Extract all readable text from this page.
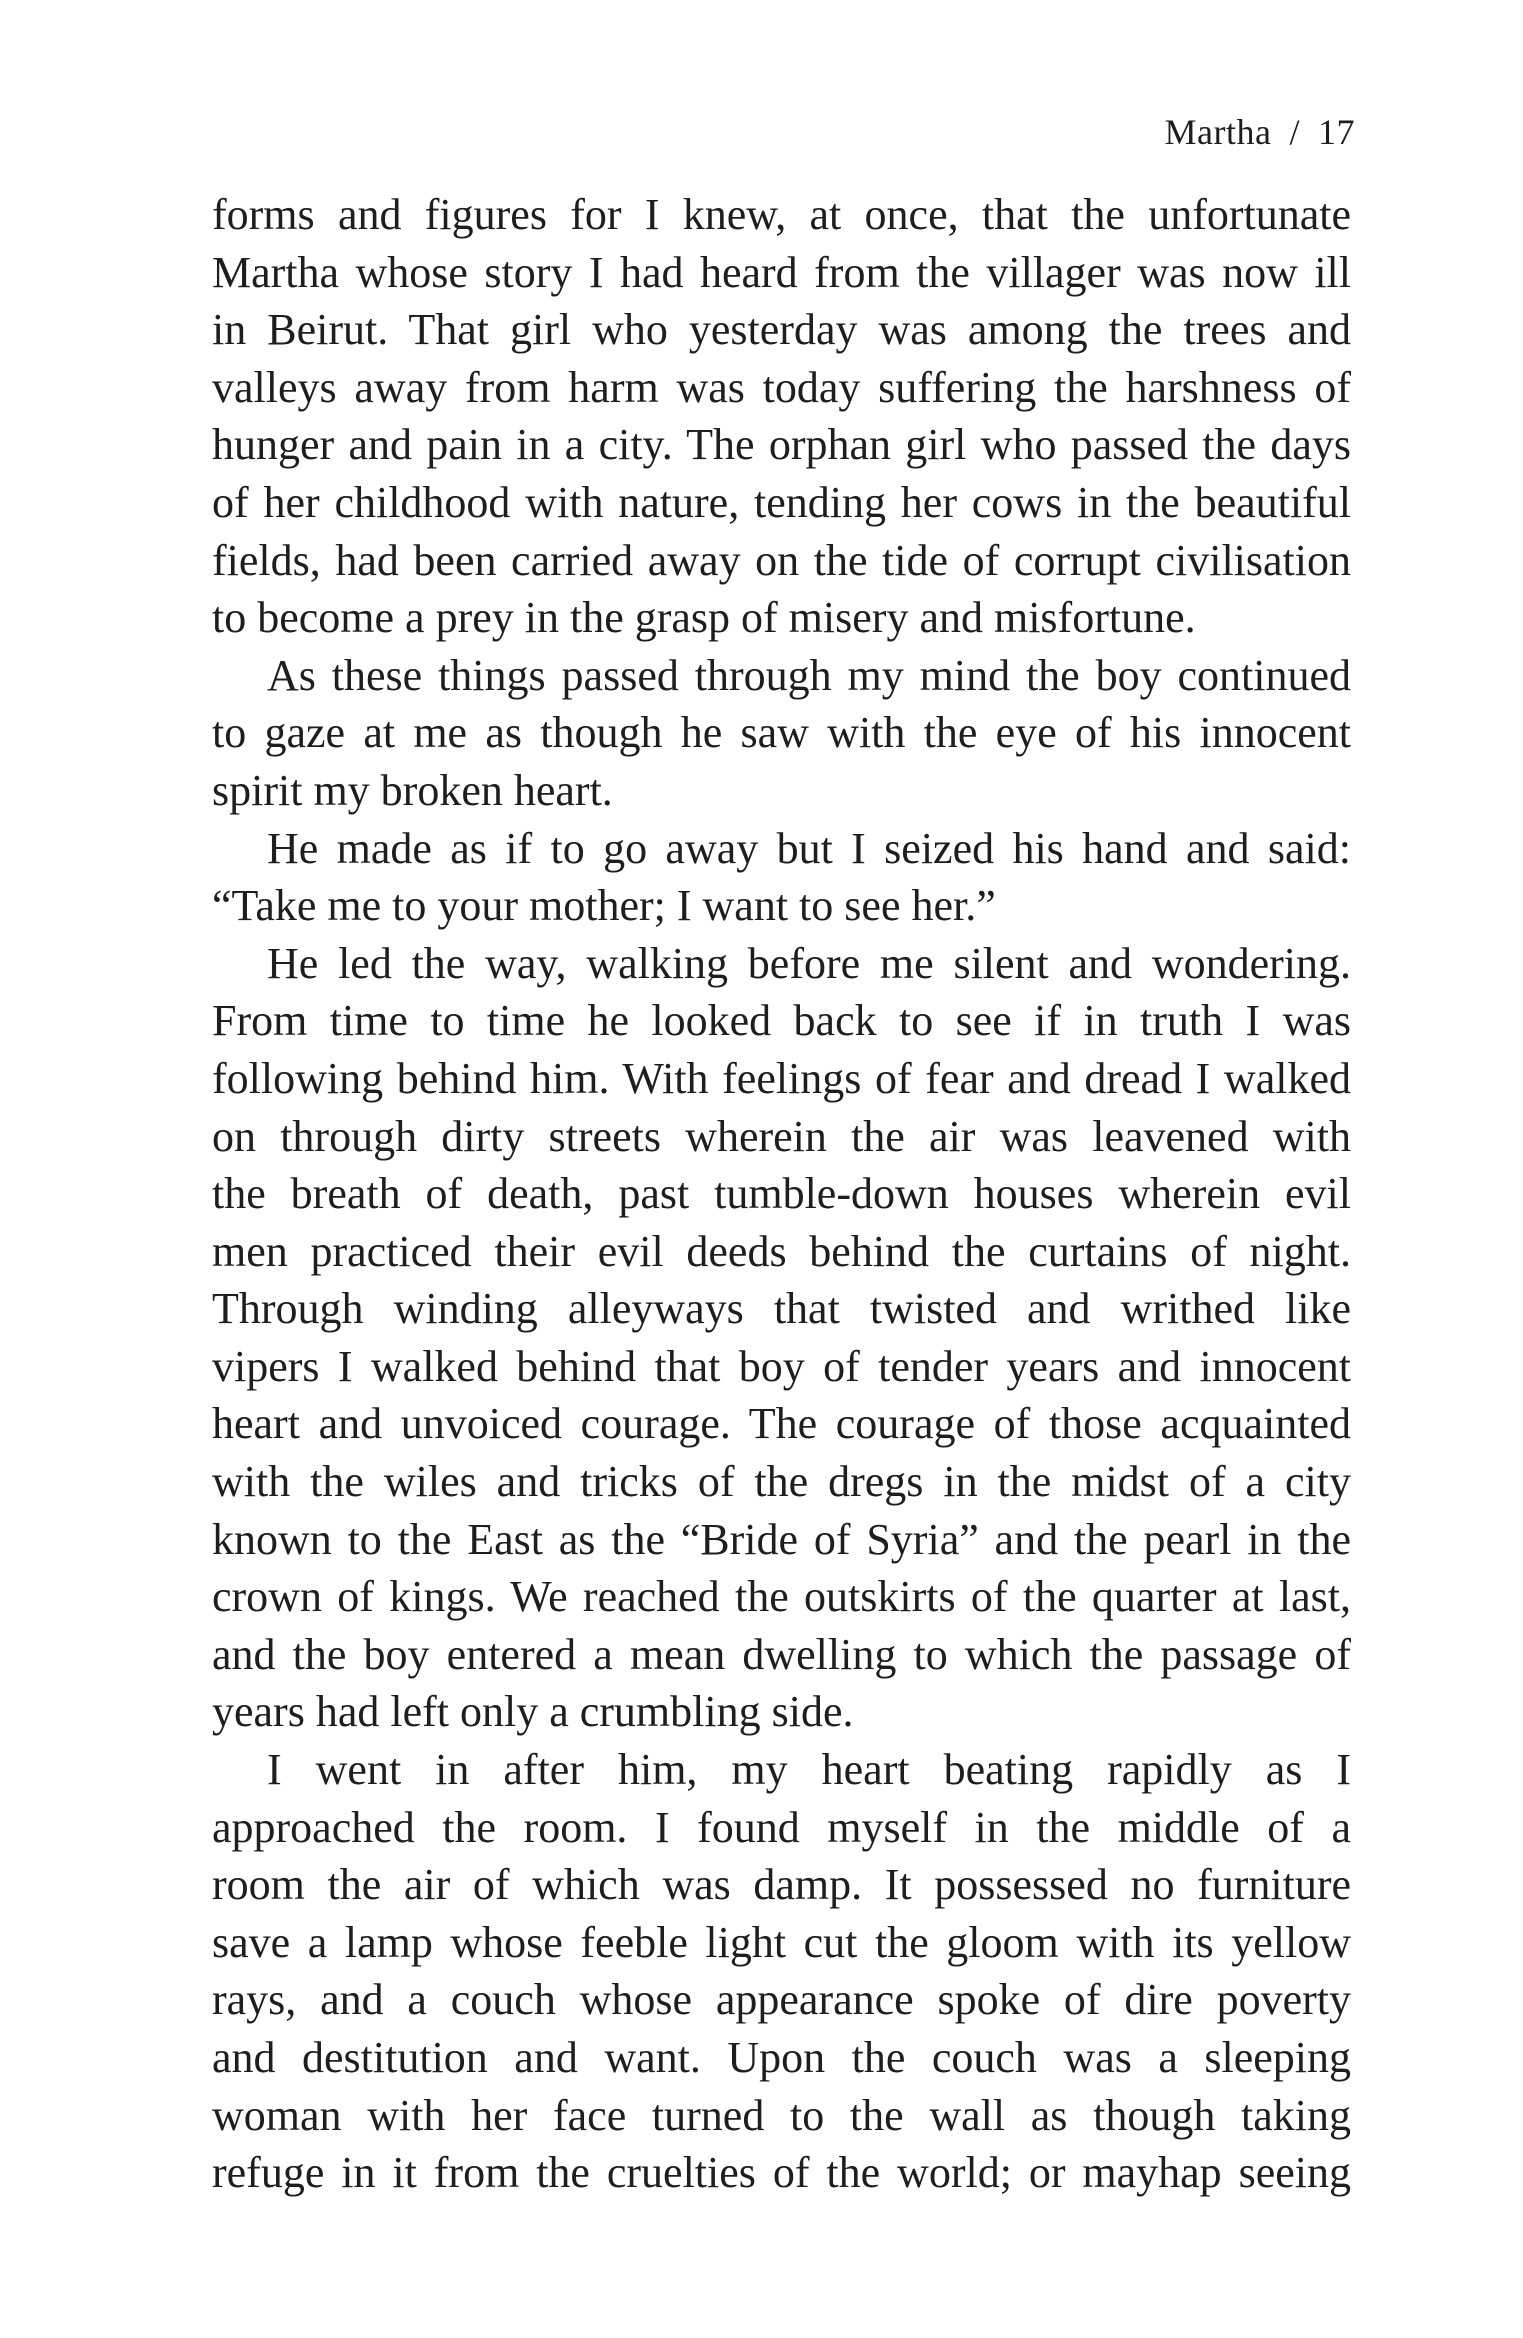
Martha / 17
forms and figures for I knew, at once, that the unfortunate
Martha whose story I had heard from the villager was now ill
in Beirut. That girl who yesterday was among the trees and
valleys away from harm was today suffering the harshness of
hunger and pain in a city. The orphan girl who passed the days
of her childhood with nature, tending her cows in the beautiful
fields, had been carried away on the tide of corrupt civilisation
to become a prey in the grasp of misery and misfortune.
As these things passed through my mind the boy continued
to gaze at me as though he saw with the eye of his innocent
spirit my broken heart.
He made as if to go away but I seized his hand and said:
“Take me to your mother; I want to see her.”
He led the way, walking before me silent and wondering.
From time to time he looked back to see if in truth I was
following behind him. With feelings of fear and dread I walked
on through dirty streets wherein the air was leavened with
the breath of death, past tumble-down houses wherein evil
men practiced their evil deeds behind the curtains of night.
Through winding alleyways that twisted and writhed like
vipers I walked behind that boy of tender years and innocent
heart and unvoiced courage. The courage of those acquainted
with the wiles and tricks of the dregs in the midst of a city
known to the East as the “Bride of Syria” and the pearl in the
crown of kings. We reached the outskirts of the quarter at last,
and the boy entered a mean dwelling to which the passage of
years had left only a crumbling side.
I went in after him, my heart beating rapidly as I
approached the room. I found myself in the middle of a
room the air of which was damp. It possessed no furniture
save a lamp whose feeble light cut the gloom with its yellow
rays, and a couch whose appearance spoke of dire poverty
and destitution and want. Upon the couch was a sleeping
woman with her face turned to the wall as though taking
refuge in it from the cruelties of the world; or mayhap seeing
